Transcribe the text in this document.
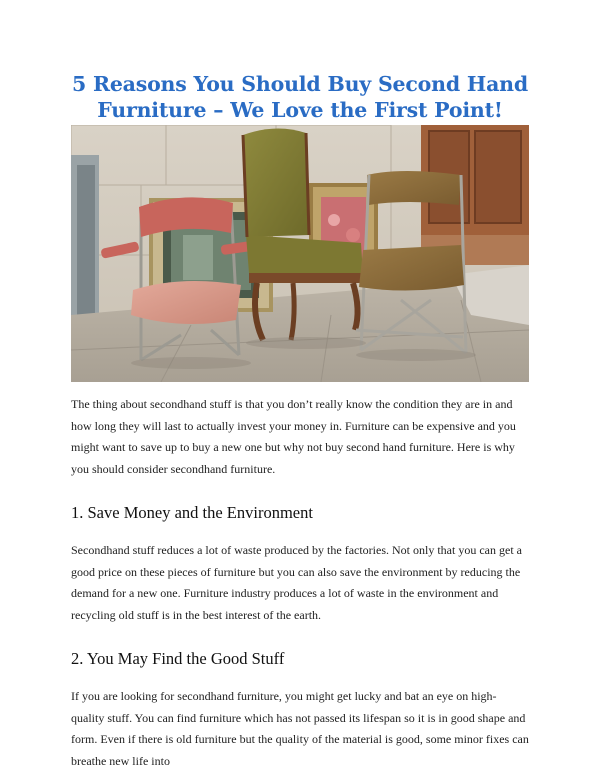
5 Reasons You Should Buy Second Hand
Furniture – We Love the First Point!

The thing about secondhand stuff is that you don’t really know the condition they are in and how long they will last to actually invest your money in. Furniture can be expensive and you might want to save up to buy a new one but why not buy second hand furniture. Here is why you should consider secondhand furniture.

1. Save Money and the Environment

Secondhand stuff reduces a lot of waste produced by the factories. Not only that you can get a good price on these pieces of furniture but you can also save the environment by reducing the demand for a new one. Furniture industry produces a lot of waste in the environment and recycling old stuff is in the best interest of the earth.

2. You May Find the Good Stuff

If you are looking for secondhand furniture, you might get lucky and bat an eye on high-quality stuff. You can find furniture which has not passed its lifespan so it is in good shape and form. Even if there is old furniture but the quality of the material is good, some minor fixes can breathe new life into
